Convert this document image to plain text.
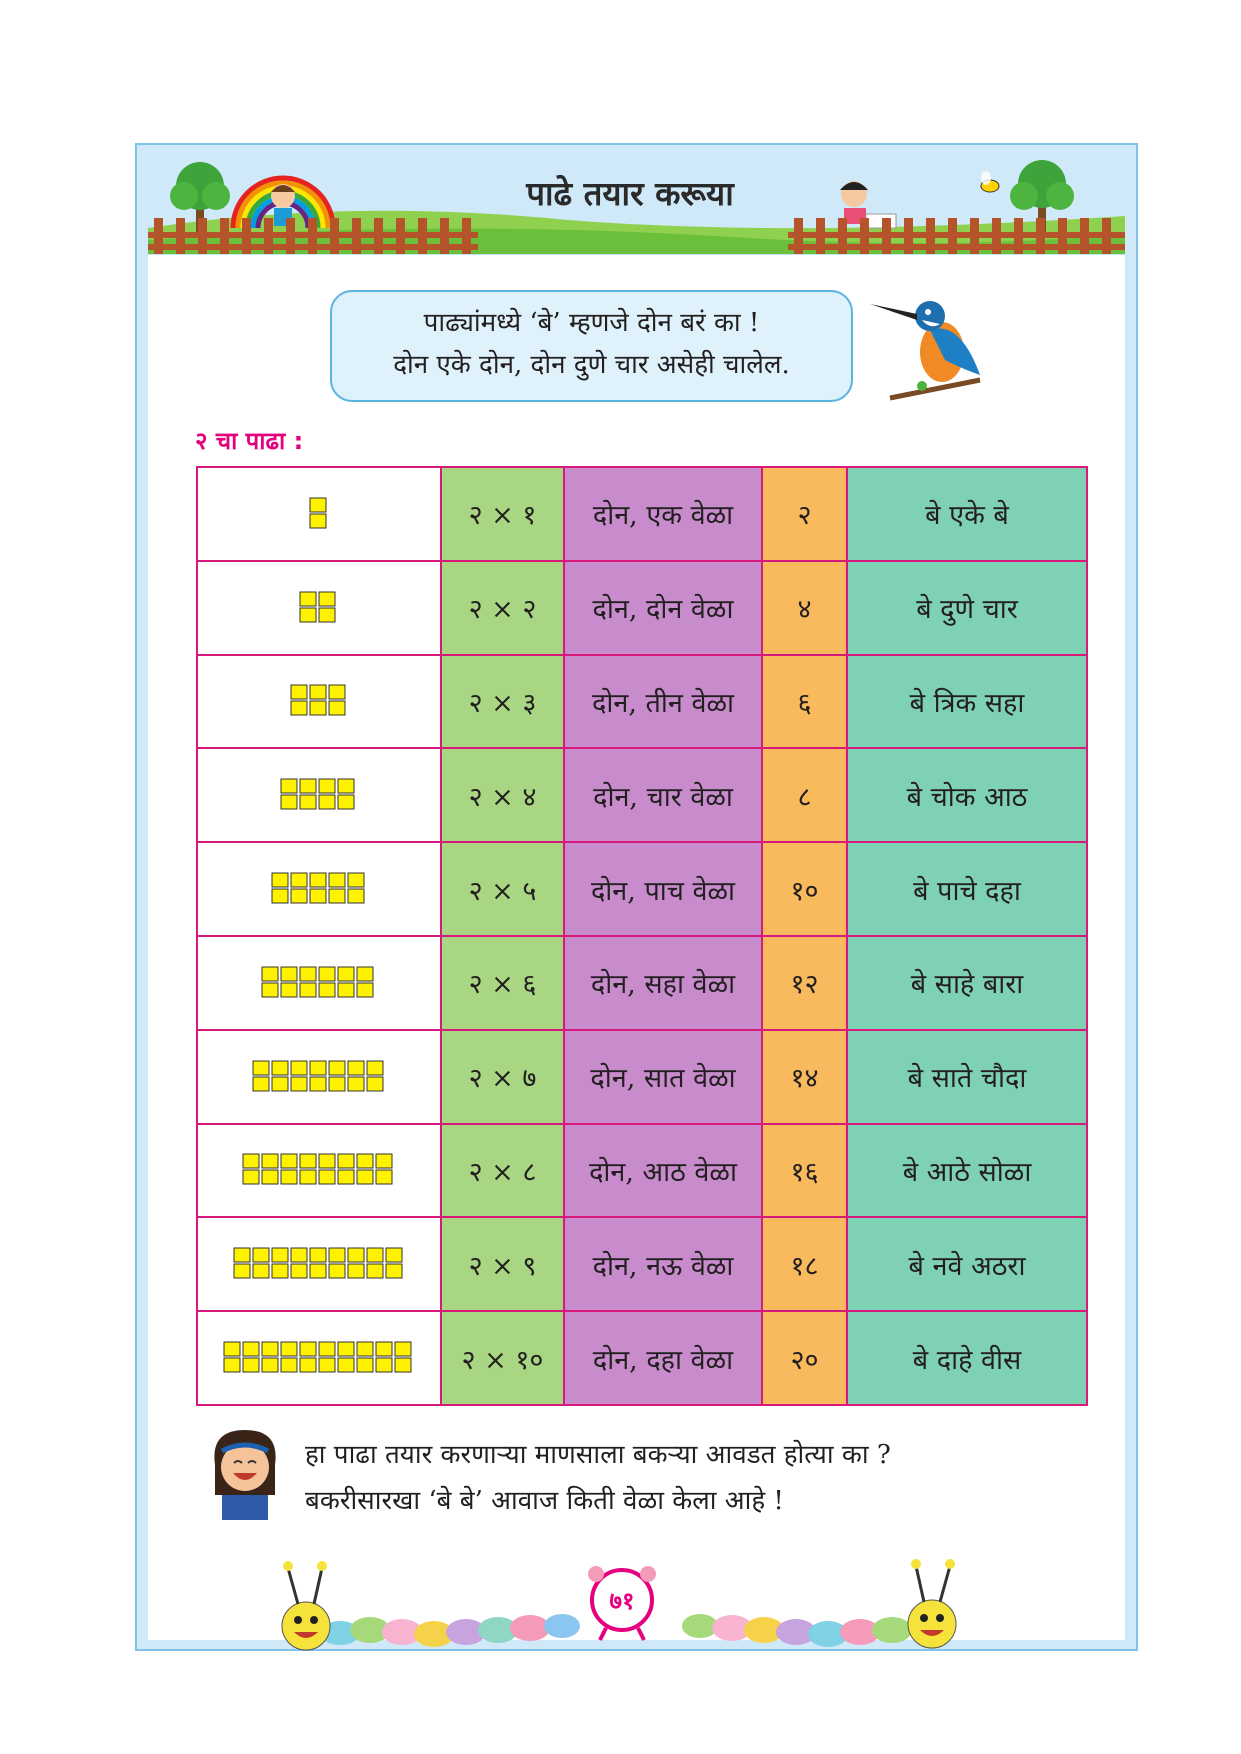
पाढे तयार करूया
पाढ्यांमध्ये ‘बे’ म्हणजे दोन बरं का !
दोन एके दोन, दोन दुणे चार असेही चालेल.
२ चा पाढा :
	२ × १	दोन, एक वेळा	२	बे एके बे

	२ × २	दोन, दोन वेळा	४	बे दुणे चार

	२ × ३	दोन, तीन वेळा	६	बे त्रिक सहा

	२ × ४	दोन, चार वेळा	८	बे चोक आठ

	२ × ५	दोन, पाच वेळा	१०	बे पाचे दहा

	२ × ६	दोन, सहा वेळा	१२	बे साहे बारा

	२ × ७	दोन, सात वेळा	१४	बे साते चौदा

	२ × ८	दोन, आठ वेळा	१६	बे आठे सोळा

	२ × ९	दोन, नऊ वेळा	१८	बे नवे अठरा

	२ × १०	दोन, दहा वेळा	२०	बे दाहे वीस
हा पाढा तयार करणाऱ्या माणसाला बकऱ्या आवडत होत्या का ?
बकरीसारखा ‘बे बे’ आवाज किती वेळा केला आहे !
७१
